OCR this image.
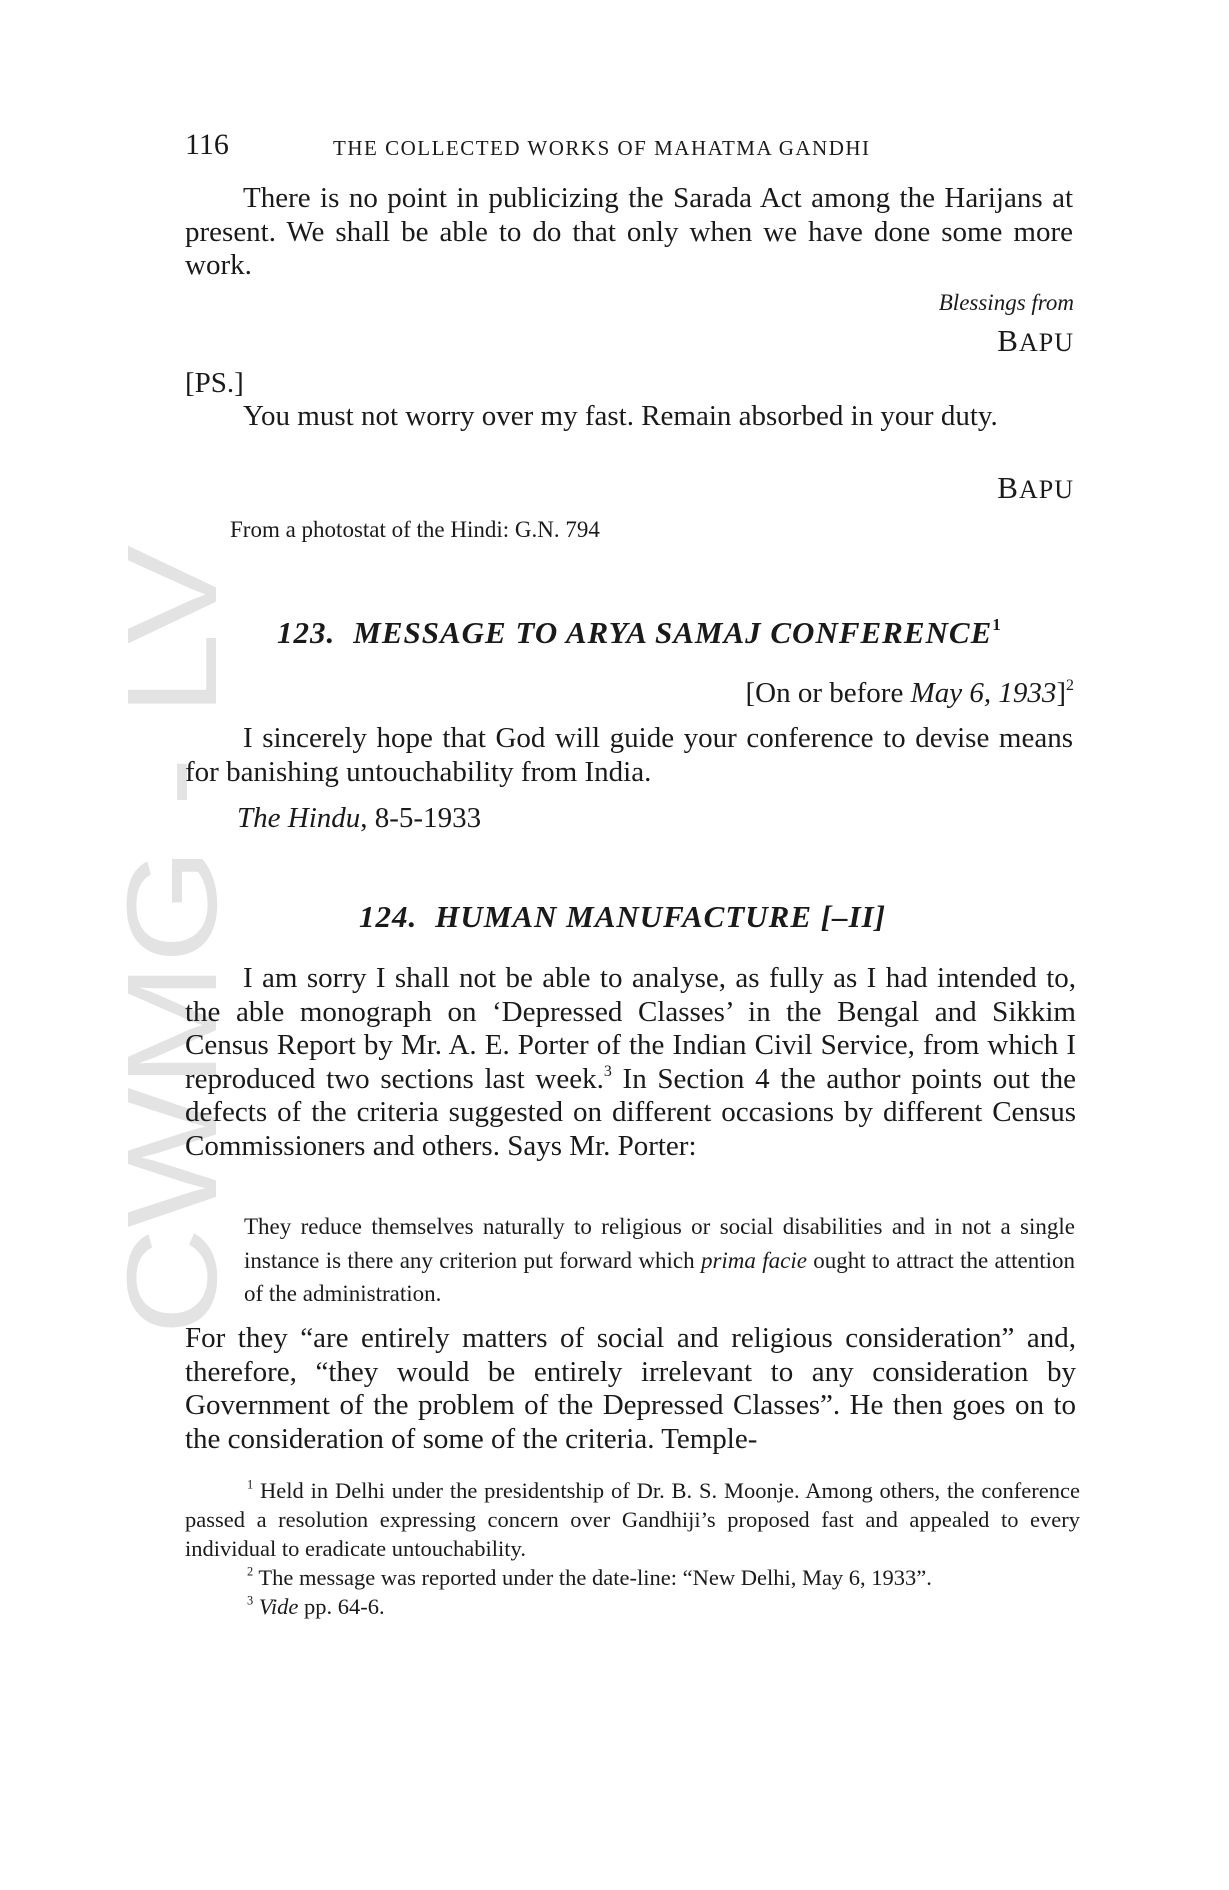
CWMG - LV
116	THE COLLECTED WORKS OF MAHATMA GANDHI

There is no point in publicizing the Sarada Act among the Harijans at present. We shall be able to do that only when we have done some more work.

Blessings from

BAPU

[PS.]

You must not worry over my fast. Remain absorbed in your duty.

BAPU

From a photostat of the Hindi: G.N. 794

123. MESSAGE TO ARYA SAMAJ CONFERENCE$^1$

[On or before May 6, 1933]$^2$

I sincerely hope that God will guide your conference to devise means for banishing untouchability from India.

The Hindu, 8-5-1933

124. HUMAN MANUFACTURE [–II]

I am sorry I shall not be able to analyse, as fully as I had intended to, the able monograph on ‘Depressed Classes’ in the Bengal and Sikkim Census Report by Mr. A. E. Porter of the Indian Civil Service, from which I reproduced two sections last week.$^3$ In Section 4 the author points out the defects of the criteria suggested on different occasions by different Census Commissioners and others. Says Mr. Porter:

They reduce themselves naturally to religious or social disabilities and in not a single instance is there any criterion put forward which prima facie ought to attract the attention of the administration.

For they “are entirely matters of social and religious consideration” and, therefore, “they would be entirely irrelevant to any consideration by Government of the problem of the Depressed Classes”. He then goes on to the consideration of some of the criteria. Temple-

$^1$ Held in Delhi under the presidentship of Dr. B. S. Moonje. Among others, the conference passed a resolution expressing concern over Gandhiji’s proposed fast and appealed to every individual to eradicate untouchability.

$^2$ The message was reported under the date-line: “New Delhi, May 6, 1933”.

$^3$ Vide pp. 64-6.
